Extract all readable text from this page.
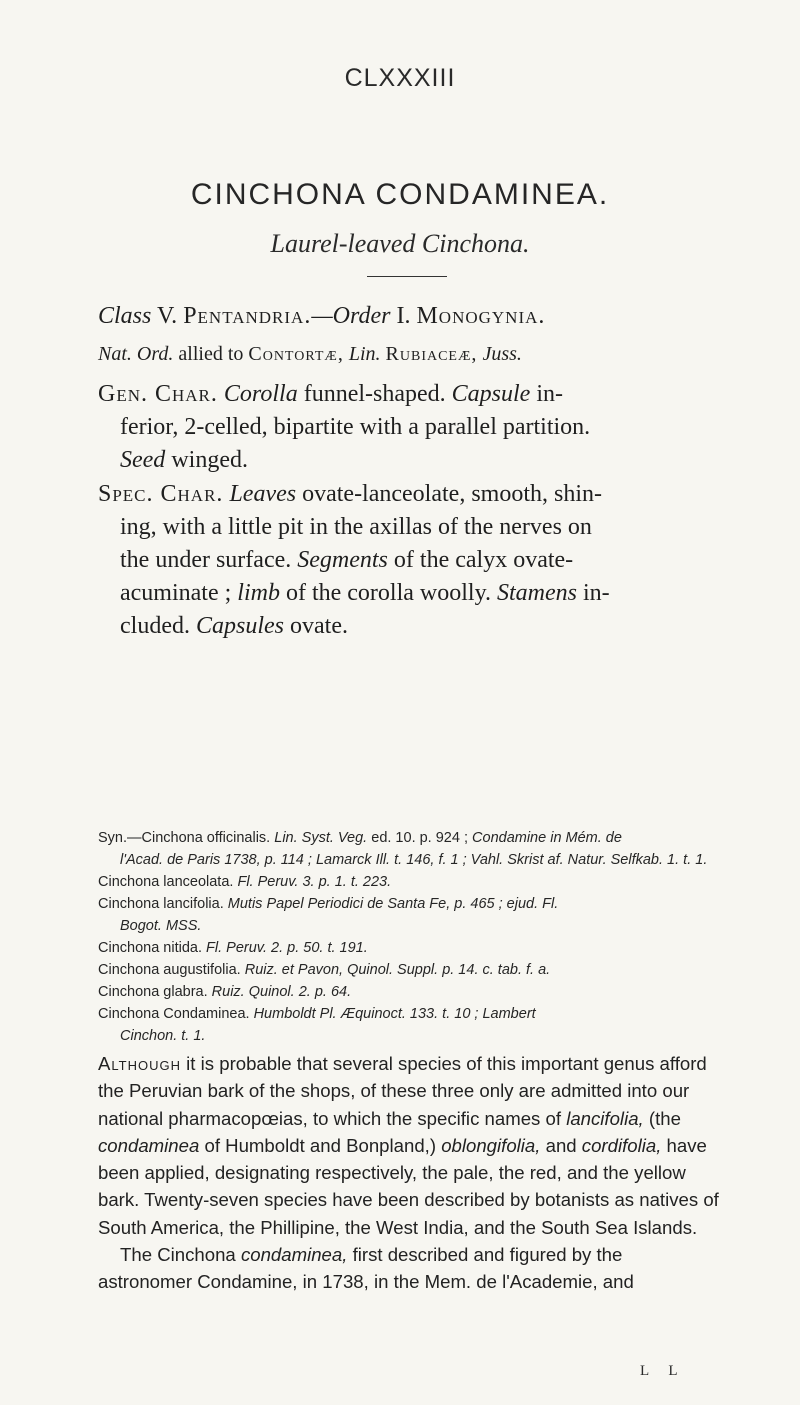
CLXXXIII
CINCHONA CONDAMINEA.
Laurel-leaved Cinchona.

Class V. Pentandria.—Order I. Monogynia.

Nat. Ord. allied to Contortæ, Lin. Rubiaceæ, Juss.

Gen. Char. Corolla funnel-shaped. Capsule in-

ferior, 2-celled, bipartite with a parallel partition.

Seed winged.

Spec. Char. Leaves ovate-lanceolate, smooth, shin-

ing, with a little pit in the axillas of the nerves on

the under surface. Segments of the calyx ovate-

acuminate ; limb of the corolla woolly. Stamens in-

cluded. Capsules ovate.

Syn.—Cinchona officinalis. Lin. Syst. Veg. ed. 10. p. 924 ; Condamine in Mém. de

l'Acad. de Paris 1738, p. 114 ; Lamarck Ill. t. 146, f. 1 ; Vahl. Skrist af. Natur. Selfkab. 1. t. 1.

Cinchona lanceolata. Fl. Peruv. 3. p. 1. t. 223.

Cinchona lancifolia. Mutis Papel Periodici de Santa Fe, p. 465 ; ejud. Fl.

Bogot. MSS.

Cinchona nitida. Fl. Peruv. 2. p. 50. t. 191.

Cinchona augustifolia. Ruiz. et Pavon, Quinol. Suppl. p. 14. c. tab. f. a.

Cinchona glabra. Ruiz. Quinol. 2. p. 64.

Cinchona Condaminea. Humboldt Pl. Æquinoct. 133. t. 10 ; Lambert

Cinchon. t. 1.

Although it is probable that several species of this important genus afford the Peruvian bark of the shops, of these three only are admitted into our national pharmacopœias, to which the specific names of lancifolia, (the condaminea of Humboldt and Bonpland,) oblongifolia, and cordifolia, have been applied, designating respectively, the pale, the red, and the yellow bark. Twenty-seven species have been described by botanists as natives of South America, the Phillipine, the West India, and the South Sea Islands.

The Cinchona condaminea, first described and figured by the astronomer Condamine, in 1738, in the Mem. de l'Academie, and

L L
